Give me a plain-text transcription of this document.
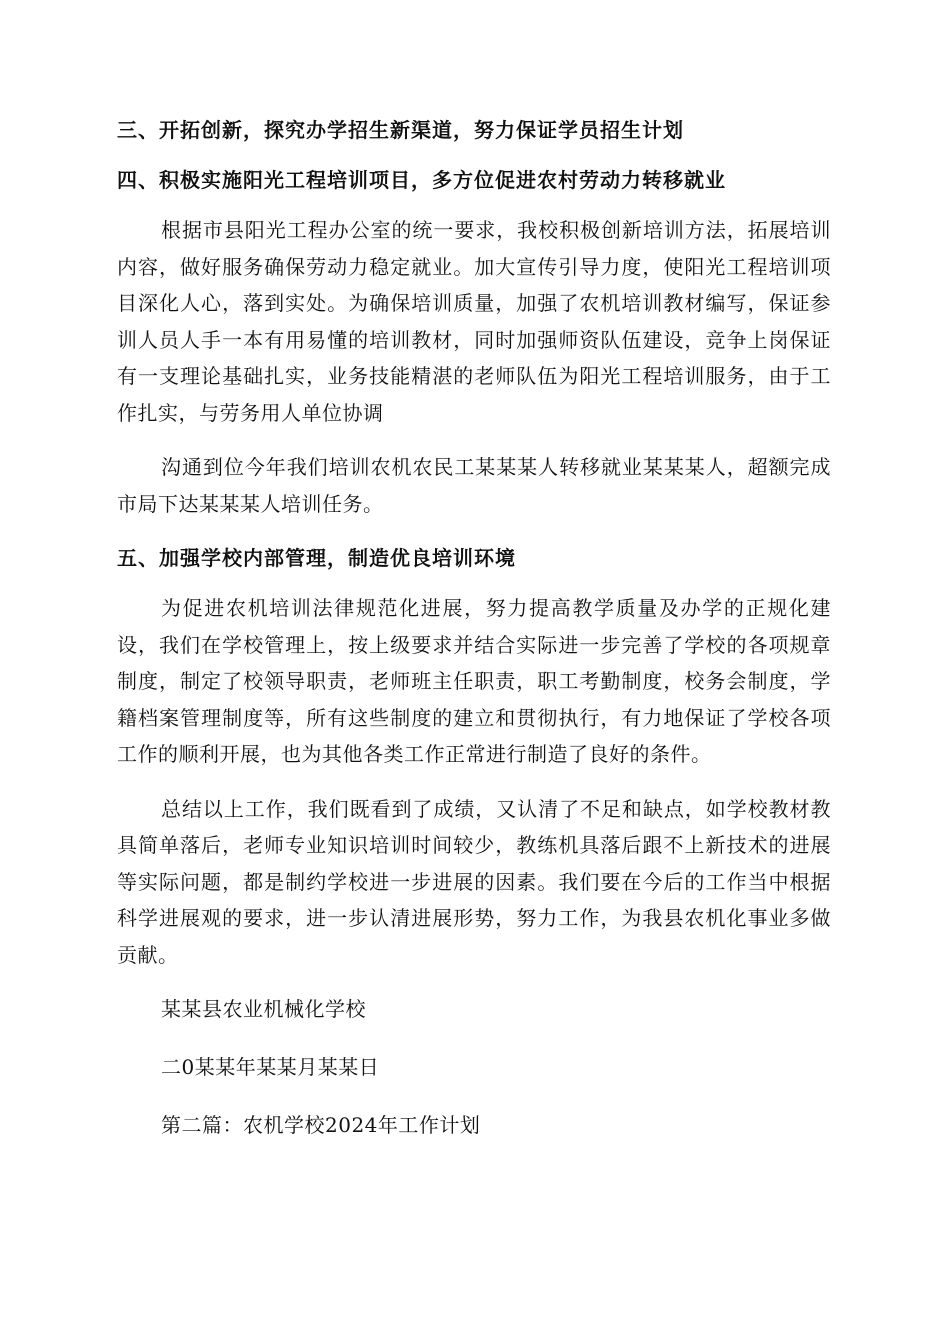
三、开拓创新，探究办学招生新渠道，努力保证学员招生计划
四、积极实施阳光工程培训项目，多方位促进农村劳动力转移就业

根据市县阳光工程办公室的统一要求，我校积极创新培训方法，拓展培训内容，做好服务确保劳动力稳定就业。加大宣传引导力度，使阳光工程培训项目深化人心，落到实处。为确保培训质量，加强了农机培训教材编写，保证参训人员人手一本有用易懂的培训教材，同时加强师资队伍建设，竞争上岗保证有一支理论基础扎实，业务技能精湛的老师队伍为阳光工程培训服务，由于工作扎实，与劳务用人单位协调

沟通到位今年我们培训农机农民工某某某人转移就业某某某人，超额完成市局下达某某某人培训任务。

五、加强学校内部管理，制造优良培训环境

为促进农机培训法律规范化进展，努力提高教学质量及办学的正规化建设，我们在学校管理上，按上级要求并结合实际进一步完善了学校的各项规章制度，制定了校领导职责，老师班主任职责，职工考勤制度，校务会制度，学籍档案管理制度等，所有这些制度的建立和贯彻执行，有力地保证了学校各项工作的顺利开展，也为其他各类工作正常进行制造了良好的条件。

总结以上工作，我们既看到了成绩，又认清了不足和缺点，如学校教材教具简单落后，老师专业知识培训时间较少，教练机具落后跟不上新技术的进展等实际问题，都是制约学校进一步进展的因素。我们要在今后的工作当中根据科学进展观的要求，进一步认清进展形势，努力工作，为我县农机化事业多做贡献。

某某县农业机械化学校
二0某某年某某月某某日
第二篇：农机学校2024年工作计划
